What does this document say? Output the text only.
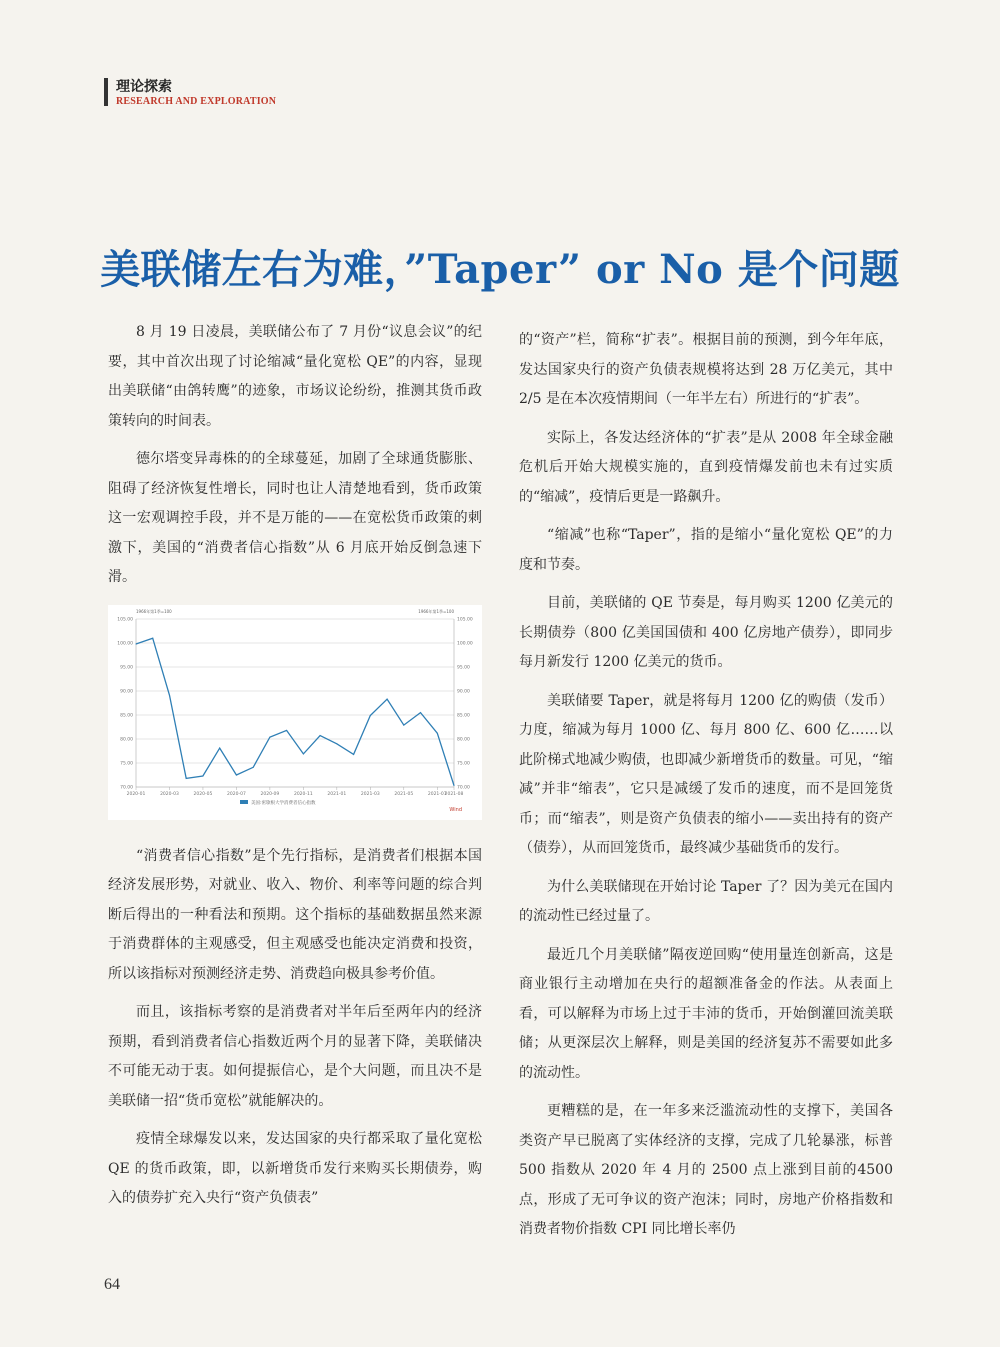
理论探索
RESEARCH AND EXPLORATION
美联储左右为难，”Taper” or No 是个问题

8 月 19 日凌晨，美联储公布了 7 月份“议息会议”的纪要，其中首次出现了讨论缩减“量化宽松 QE”的内容，显现出美联储“由鸽转鹰”的迹象，市场议论纷纷，推测其货币政策转向的时间表。

德尔塔变异毒株的的全球蔓延，加剧了全球通货膨胀、阻碍了经济恢复性增长，同时也让人清楚地看到，货币政策这一宏观调控手段，并不是万能的——在宽松货币政策的刺激下，美国的“消费者信心指数”从 6 月底开始反倒急速下滑。

1966年第1季=100	1966年第1季=100
70.00	70.00
75.00	75.00
80.00	80.00
85.00	85.00
90.00	90.00
95.00	95.00
100.00	100.00
105.00	105.00
2020-01	2020-03	2020-05	2020-07	2020-09	2020-11	2021-01	2021-03	2021-05	2021-07
2021-08
美国:密歇根大学消费者信心指数
Wind

“消费者信心指数”是个先行指标，是消费者们根据本国经济发展形势，对就业、收入、物价、利率等问题的综合判断后得出的一种看法和预期。这个指标的基础数据虽然来源于消费群体的主观感受，但主观感受也能决定消费和投资，所以该指标对预测经济走势、消费趋向极具参考价值。

而且，该指标考察的是消费者对半年后至两年内的经济预期，看到消费者信心指数近两个月的显著下降，美联储决不可能无动于衷。如何提振信心，是个大问题，而且决不是美联储一招“货币宽松”就能解决的。

疫情全球爆发以来，发达国家的央行都采取了量化宽松 QE 的货币政策，即，以新增货币发行来购买长期债券，购入的债券扩充入央行“资产负债表”

的“资产”栏，简称“扩表”。根据目前的预测，到今年年底，发达国家央行的资产负债表规模将达到 28 万亿美元，其中 2/5 是在本次疫情期间（一年半左右）所进行的“扩表”。

实际上，各发达经济体的“扩表”是从 2008 年全球金融危机后开始大规模实施的，直到疫情爆发前也未有过实质的“缩减”，疫情后更是一路飙升。

“缩减”也称“Taper”，指的是缩小“量化宽松 QE”的力度和节奏。

目前，美联储的 QE 节奏是，每月购买 1200 亿美元的长期债券（800 亿美国国债和 400 亿房地产债券），即同步每月新发行 1200 亿美元的货币。

美联储要 Taper，就是将每月 1200 亿的购债（发币）力度，缩减为每月 1000 亿、每月 800 亿、600 亿……以此阶梯式地减少购债，也即减少新增货币的数量。可见，“缩减”并非“缩表”，它只是减缓了发币的速度，而不是回笼货币；而“缩表”，则是资产负债表的缩小——卖出持有的资产（债券），从而回笼货币，最终减少基础货币的发行。

为什么美联储现在开始讨论 Taper 了？因为美元在国内的流动性已经过量了。

最近几个月美联储”隔夜逆回购“使用量连创新高，这是商业银行主动增加在央行的超额准备金的作法。从表面上看，可以解释为市场上过于丰沛的货币，开始倒灌回流美联储；从更深层次上解释，则是美国的经济复苏不需要如此多的流动性。

更糟糕的是，在一年多来泛滥流动性的支撑下，美国各类资产早已脱离了实体经济的支撑，完成了几轮暴涨，标普 500 指数从 2020 年 4 月的 2500 点上涨到目前的4500点，形成了无可争议的资产泡沫；同时，房地产价格指数和消费者物价指数 CPI 同比增长率仍

64
